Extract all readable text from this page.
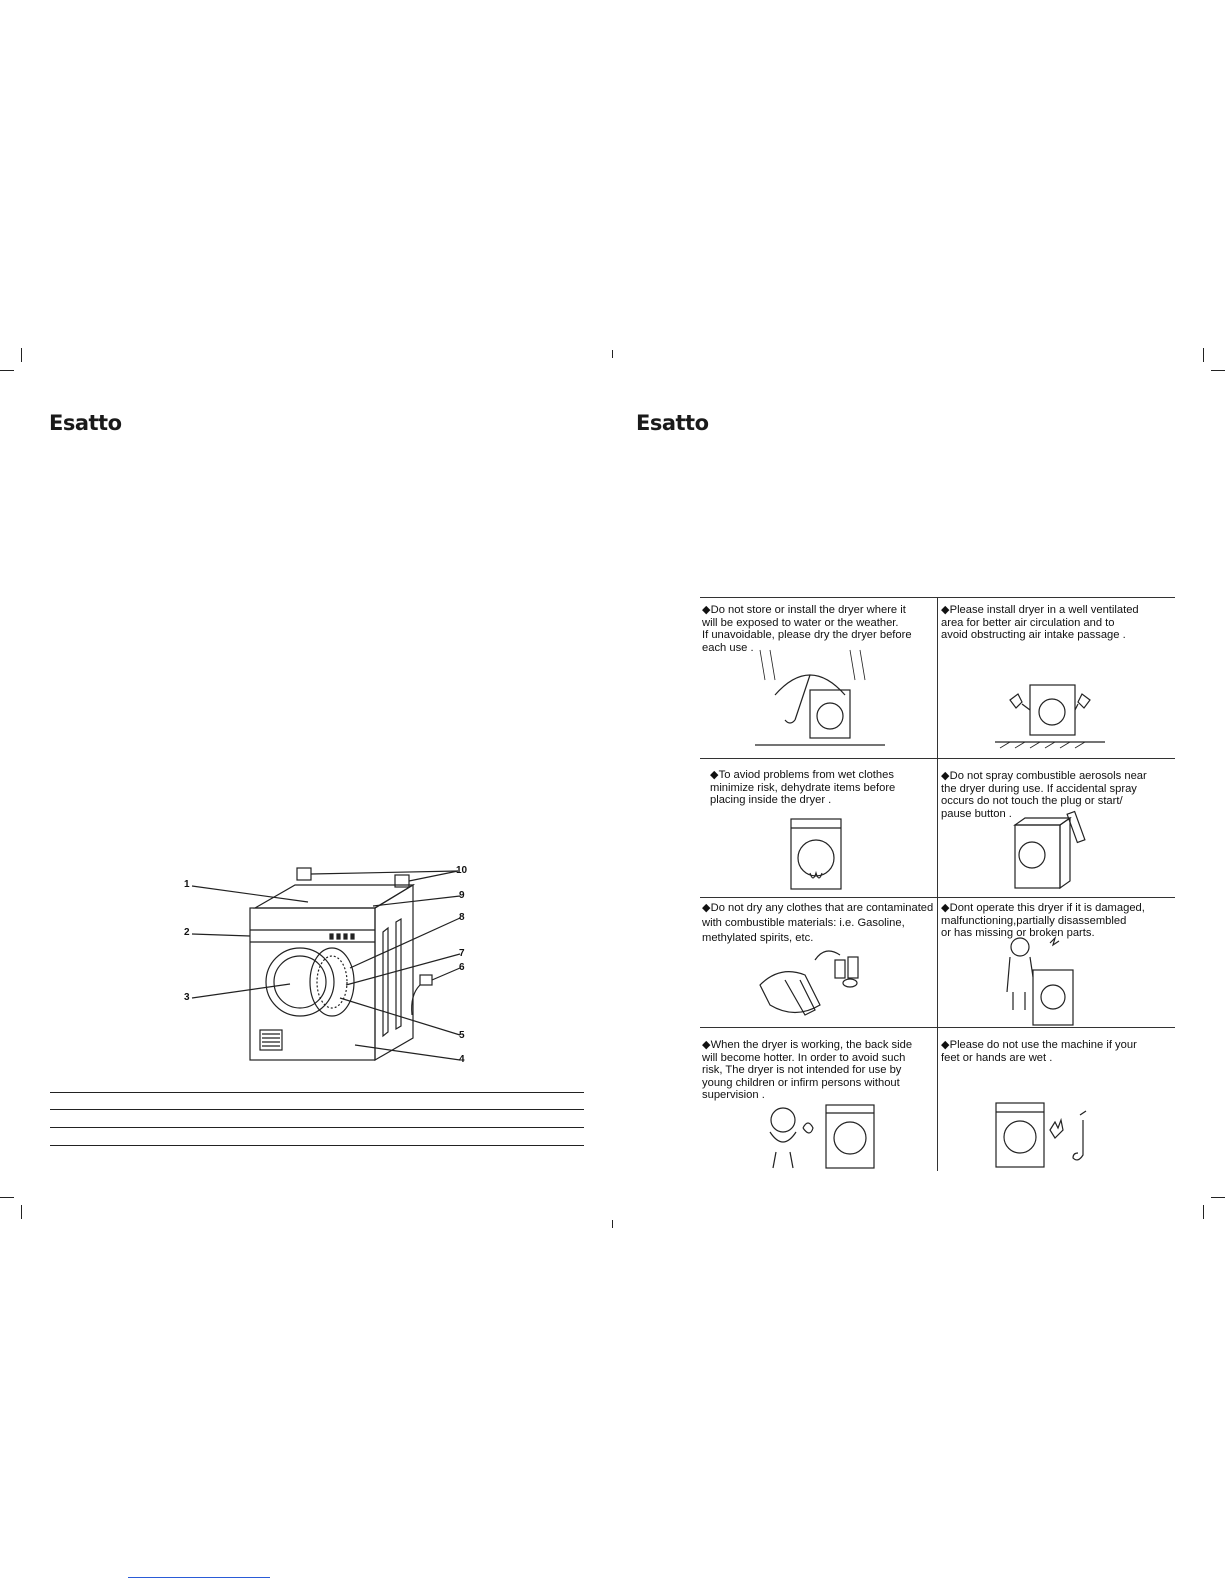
Esatto
1
2
3
4
5
6
7
8
9
10
Esatto
◆Do not store or install the dryer where it
will be exposed to water or the weather.
If unavoidable, please dry the dryer before
each use .
◆Please install dryer in a well ventilated
area for better air circulation and to
avoid obstructing air intake passage .
◆To aviod problems from wet clothes
minimize risk, dehydrate items before
placing inside the dryer .
◆Do not spray combustible aerosols near
the dryer during use. If accidental spray
occurs do not touch the plug or start/
pause button .
◆Do not dry any clothes that are contaminated
with combustible materials: i.e. Gasoline,
methylated spirits, etc.
◆Dont operate this dryer if it is damaged,
malfunctioning,partially disassembled
or has missing or broken parts.
◆When the dryer is working, the back side
will become hotter. In order to avoid such
risk, The dryer is not intended for use by
young children or infirm persons without
supervision .
◆Please do not use the machine if your
feet or hands are wet .
